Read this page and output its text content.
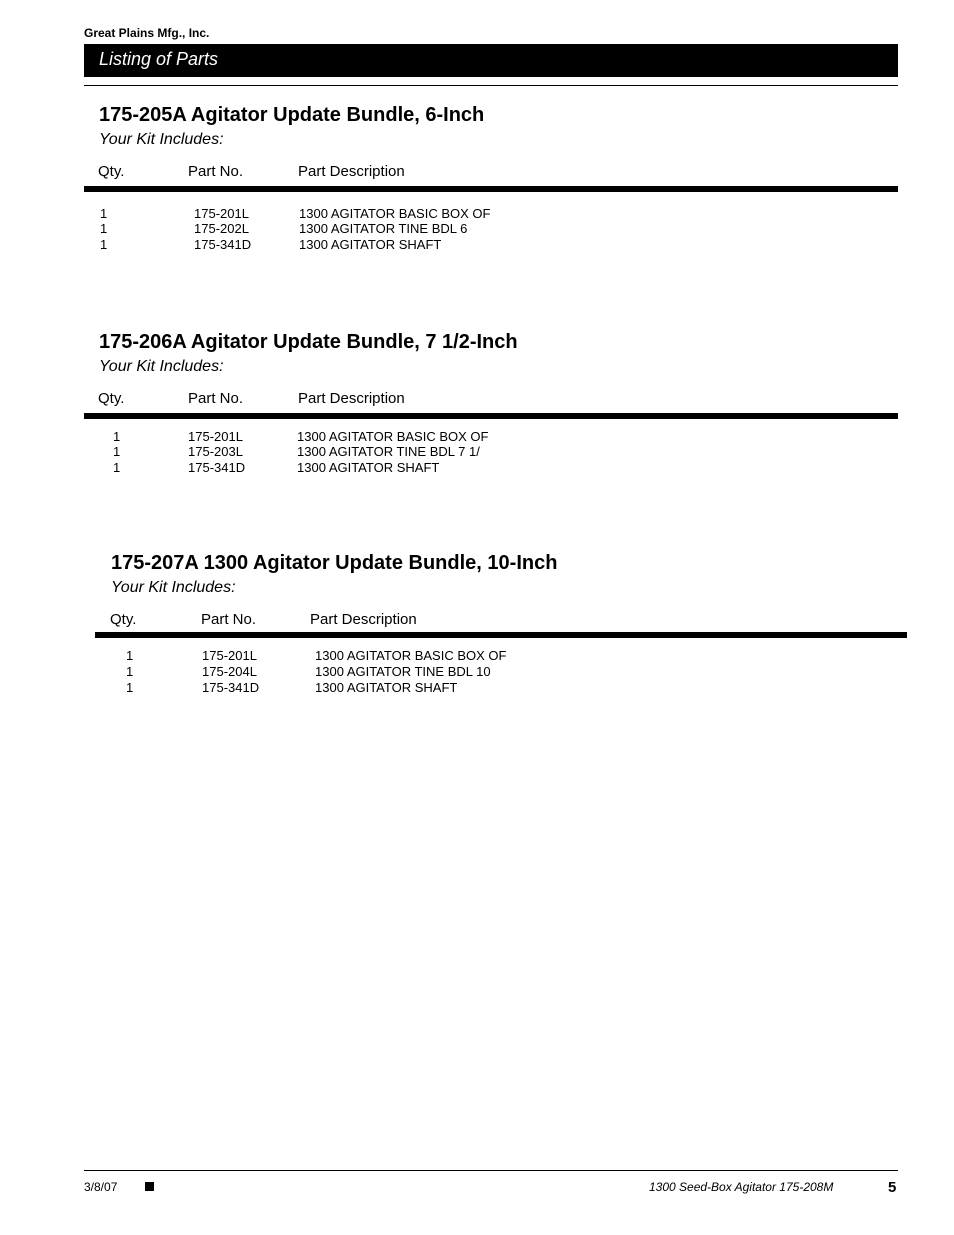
Great Plains Mfg., Inc.
Listing of Parts
175-205A Agitator Update Bundle, 6-Inch
Your Kit Includes:
Qty.	Part No.	Part Description
1	175-201L	1300 AGITATOR BASIC BOX OF
1	175-202L	1300 AGITATOR TINE BDL 6
1	175-341D	1300 AGITATOR SHAFT
175-206A Agitator Update Bundle, 7 1/2-Inch
Your Kit Includes:
Qty.	Part No.	Part Description
1	175-201L	1300 AGITATOR BASIC BOX OF
1	175-203L	1300 AGITATOR TINE BDL 7 1/
1	175-341D	1300 AGITATOR SHAFT
175-207A 1300 Agitator Update Bundle, 10-Inch
Your Kit Includes:
Qty.	Part No.	Part Description
1	175-201L	1300 AGITATOR BASIC BOX OF
1	175-204L	1300 AGITATOR TINE BDL 10
1	175-341D	1300 AGITATOR SHAFT
3/8/07	1300 Seed-Box Agitator 175-208M	5
